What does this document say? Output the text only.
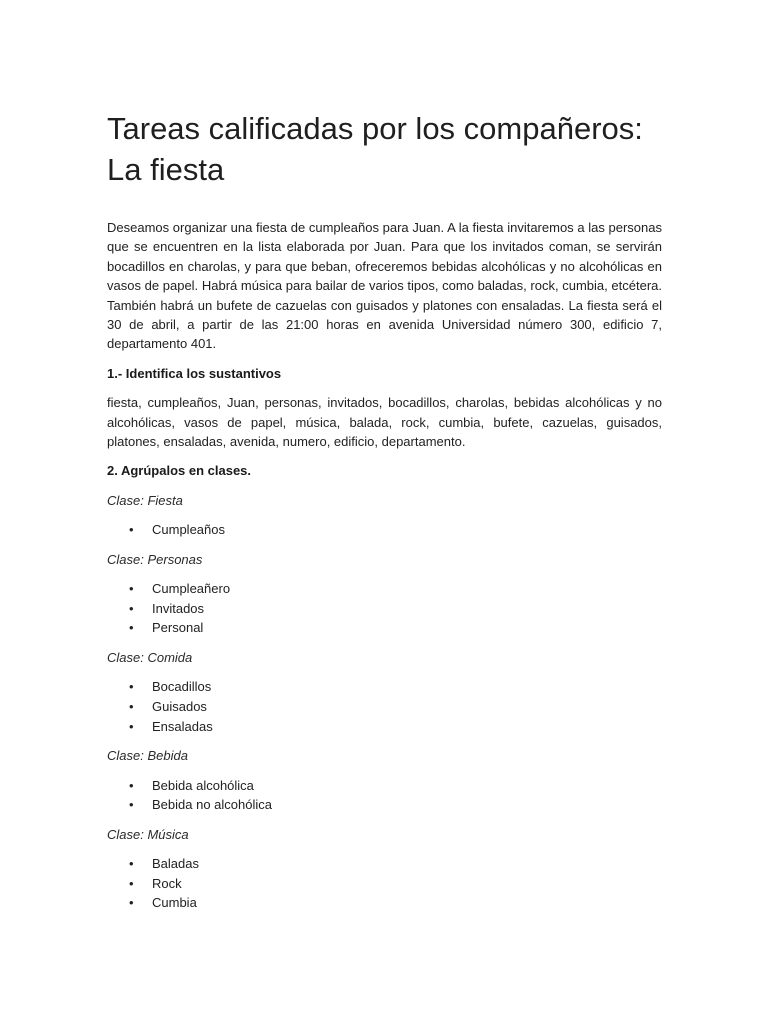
Tareas calificadas por los compañeros: La fiesta

Deseamos organizar una fiesta de cumpleaños para Juan. A la fiesta invitaremos a las personas que se encuentren en la lista elaborada por Juan. Para que los invitados coman, se servirán bocadillos en charolas, y para que beban, ofreceremos bebidas alcohólicas y no alcohólicas en vasos de papel. Habrá música para bailar de varios tipos, como baladas, rock, cumbia, etcétera. También habrá un bufete de cazuelas con guisados y platones con ensaladas. La fiesta será el 30 de abril, a partir de las 21:00 horas en avenida Universidad número 300, edificio 7, departamento 401.

1.- Identifica los sustantivos

fiesta, cumpleaños, Juan, personas, invitados, bocadillos, charolas, bebidas alcohólicas y no alcohólicas, vasos de papel, música, balada, rock, cumbia, bufete, cazuelas, guisados, platones, ensaladas, avenida, numero, edificio, departamento.

2. Agrúpalos en clases.

Clase: Fiesta

• Cumpleaños

Clase: Personas

• Cumpleañero
• Invitados
• Personal

Clase: Comida

• Bocadillos
• Guisados
• Ensaladas

Clase: Bebida

• Bebida alcohólica
• Bebida no alcohólica

Clase: Música

• Baladas
• Rock
• Cumbia
